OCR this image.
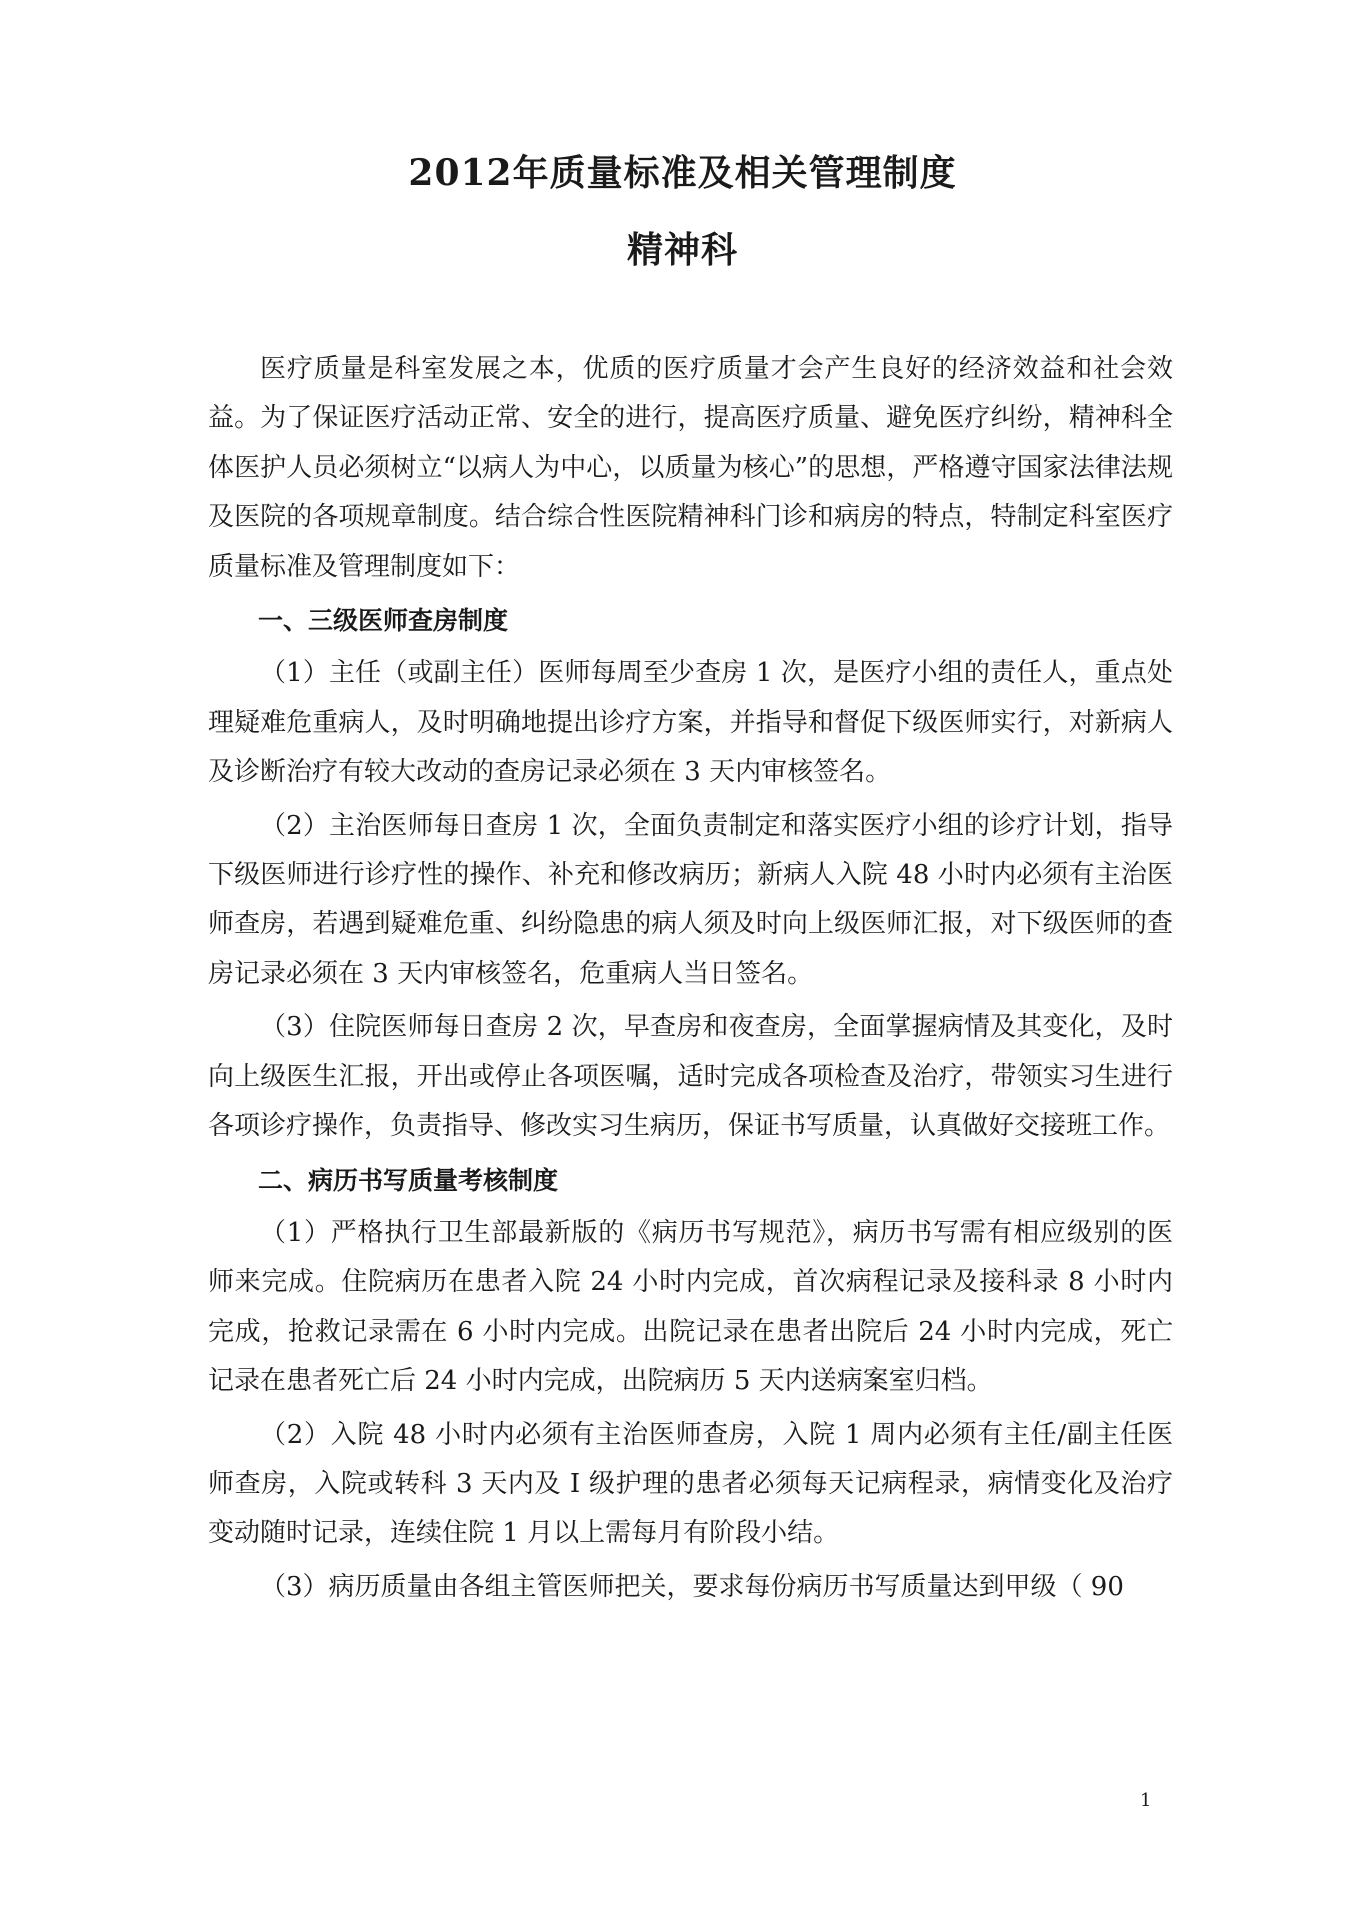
2012年质量标准及相关管理制度
精神科

医疗质量是科室发展之本，优质的医疗质量才会产生良好的经济效益和社会效益。为了保证医疗活动正常、安全的进行，提高医疗质量、避免医疗纠纷，精神科全体医护人员必须树立“以病人为中心，以质量为核心”的思想，严格遵守国家法律法规及医院的各项规章制度。结合综合性医院精神科门诊和病房的特点，特制定科室医疗质量标准及管理制度如下：

一、三级医师查房制度

（1）主任（或副主任）医师每周至少查房 1 次，是医疗小组的责任人，重点处理疑难危重病人，及时明确地提出诊疗方案，并指导和督促下级医师实行，对新病人及诊断治疗有较大改动的查房记录必须在 3 天内审核签名。

（2）主治医师每日查房 1 次，全面负责制定和落实医疗小组的诊疗计划，指导下级医师进行诊疗性的操作、补充和修改病历；新病人入院 48 小时内必须有主治医师查房，若遇到疑难危重、纠纷隐患的病人须及时向上级医师汇报，对下级医师的查房记录必须在 3 天内审核签名，危重病人当日签名。

（3）住院医师每日查房 2 次，早查房和夜查房，全面掌握病情及其变化，及时向上级医生汇报，开出或停止各项医嘱，适时完成各项检查及治疗，带领实习生进行各项诊疗操作，负责指导、修改实习生病历，保证书写质量，认真做好交接班工作。

二、病历书写质量考核制度

（1）严格执行卫生部最新版的《病历书写规范》，病历书写需有相应级别的医师来完成。住院病历在患者入院 24 小时内完成，首次病程记录及接科录 8 小时内完成，抢救记录需在 6 小时内完成。出院记录在患者出院后 24 小时内完成，死亡记录在患者死亡后 24 小时内完成，出院病历 5 天内送病案室归档。

（2）入院 48 小时内必须有主治医师查房，入院 1 周内必须有主任/副主任医师查房，入院或转科 3 天内及 I 级护理的患者必须每天记病程录，病情变化及治疗变动随时记录，连续住院 1 月以上需每月有阶段小结。

（3）病历质量由各组主管医师把关，要求每份病历书写质量达到甲级（ 90

1
